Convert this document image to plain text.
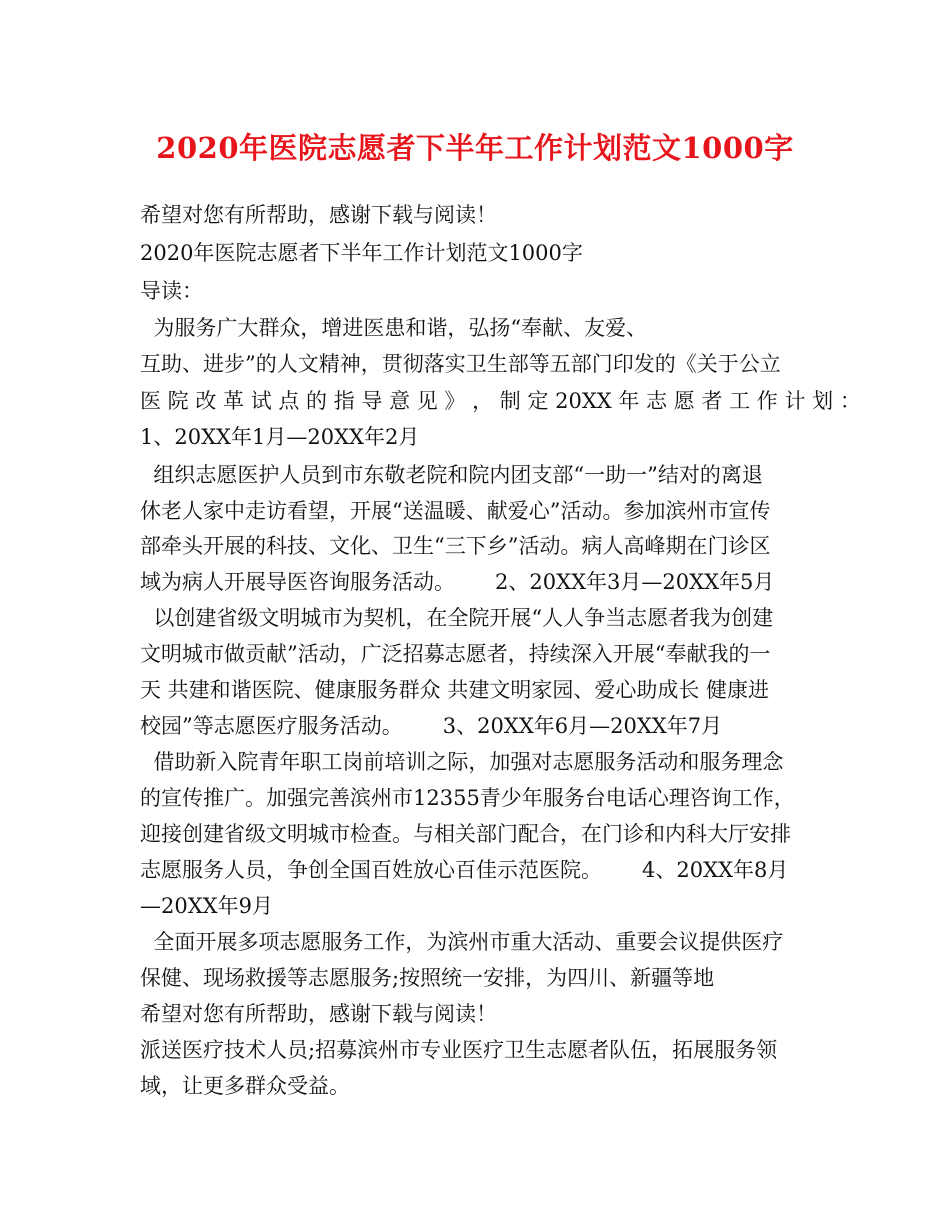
2020年医院志愿者下半年工作计划范文1000字
希望对您有所帮助，感谢下载与阅读！
2020年医院志愿者下半年工作计划范文1000字
导读：
为服务广大群众，增进医患和谐，弘扬“奉献、友爱、
互助、进步”的人文精神，贯彻落实卫生部等五部门印发的《关于公立
医 院 改 革 试 点 的 指 导 意 见 》 ， 制 定 20XX 年 志 愿 者 工 作 计 划 ：
1、20XX年1月—20XX年2月
组织志愿医护人员到市东敬老院和院内团支部“一助一”结对的离退
休老人家中走访看望，开展“送温暖、献爱心”活动。参加滨州市宣传
部牵头开展的科技、文化、卫生“三下乡”活动。病人高峰期在门诊区
域为病人开展导医咨询服务活动。      2、20XX年3月—20XX年5月
以创建省级文明城市为契机，在全院开展“人人争当志愿者我为创建
文明城市做贡献”活动，广泛招募志愿者，持续深入开展“奉献我的一
天 共建和谐医院、健康服务群众 共建文明家园、爱心助成长 健康进
校园”等志愿医疗服务活动。      3、20XX年6月—20XX年7月
借助新入院青年职工岗前培训之际，加强对志愿服务活动和服务理念
的宣传推广。加强完善滨州市12355青少年服务台电话心理咨询工作，
迎接创建省级文明城市检查。与相关部门配合，在门诊和内科大厅安排
志愿服务人员，争创全国百姓放心百佳示范医院。      4、20XX年8月
—20XX年9月
全面开展多项志愿服务工作，为滨州市重大活动、重要会议提供医疗
保健、现场救援等志愿服务;按照统一安排，为四川、新疆等地
希望对您有所帮助，感谢下载与阅读！
派送医疗技术人员;招募滨州市专业医疗卫生志愿者队伍，拓展服务领
域，让更多群众受益。
